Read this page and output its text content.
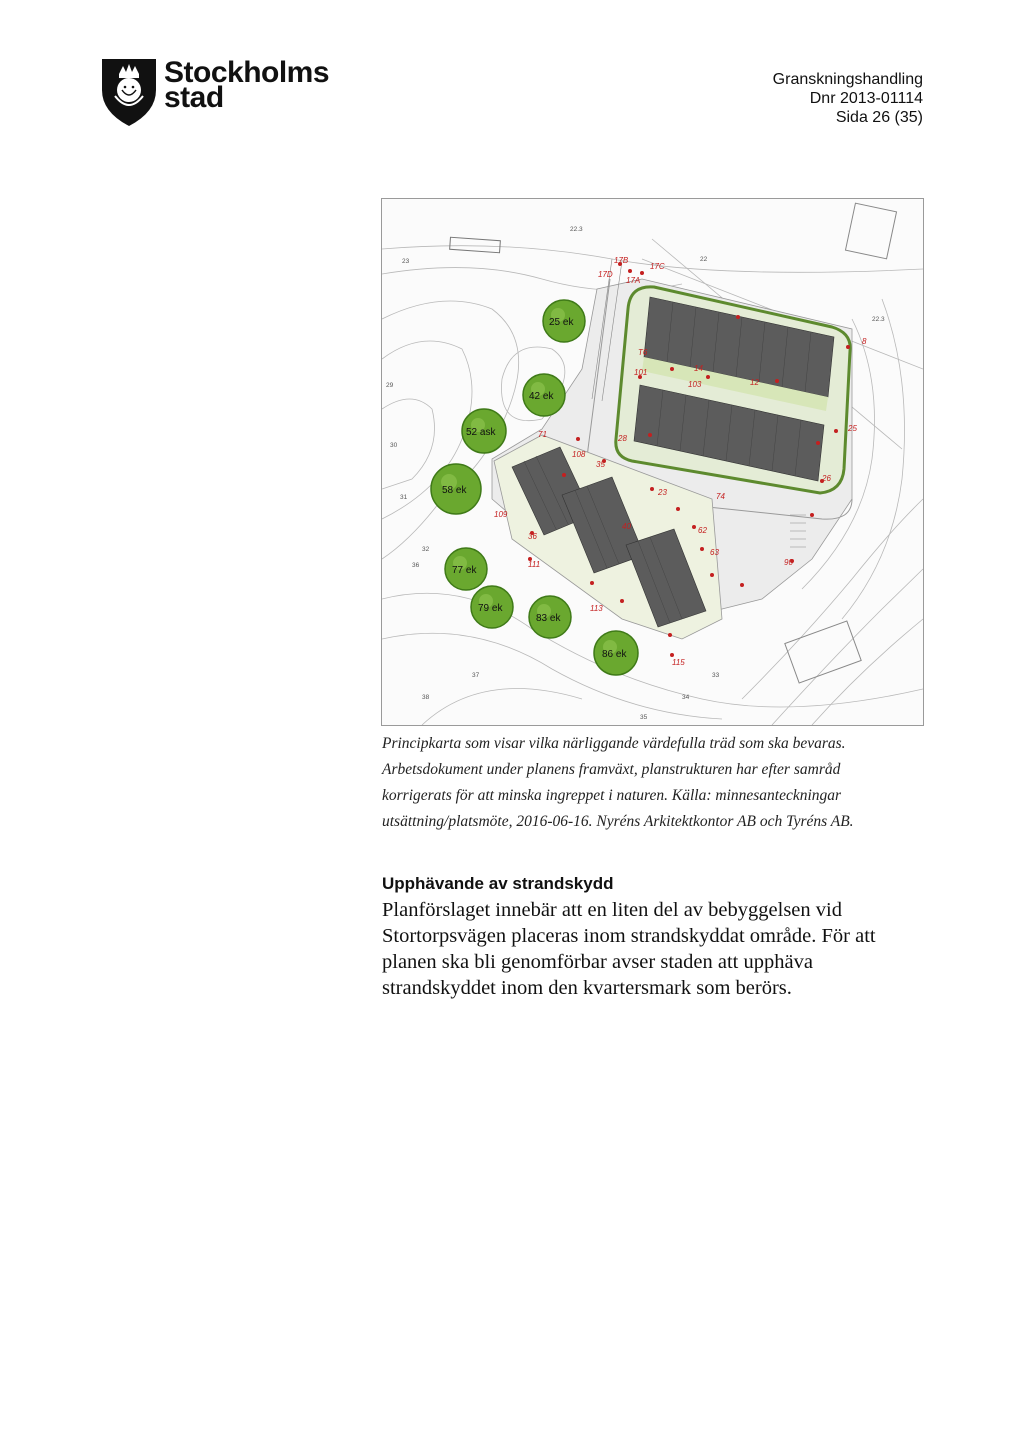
Stockholms
stad
Granskningshandling
Dnr 2013-01114
Sida 26 (35)
17D
17B
17A
17C
8
14
12
103
101
T6
28
26
74
25
71
108
35
23
62
63
40
36
109
111
113
115
90
22.3
22
22.3
23
29
30
31
32
33
34
35
36
37
38
25 ek
42 ek
52 ask
58 ek
77 ek
79 ek
83 ek
86 ek
Principkarta som visar vilka närliggande värdefulla träd som ska bevaras.
Arbetsdokument under planens framväxt, planstrukturen har efter samråd
korrigerats för att minska ingreppet i naturen. Källa: minnesanteckningar
utsättning/platsmöte, 2016-06-16. Nyréns Arkitektkontor AB och Tyréns AB.
Upphävande av strandskydd
Planförslaget innebär att en liten del av bebyggelsen vid
Stortorpsvägen placeras inom strandskyddat område. För att
planen ska bli genomförbar avser staden att upphäva
strandskyddet inom den kvartersmark som berörs.
